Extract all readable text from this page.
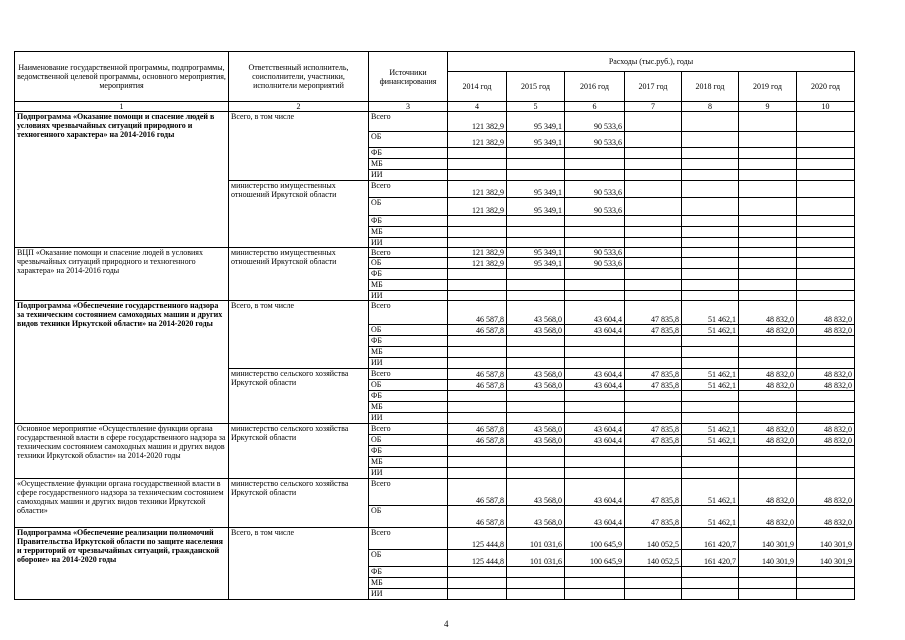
Наименование государственной программы, подпрограммы, ведомственной целевой программы, основного мероприятия, мероприятия	Ответственный исполнитель, соисполнители, участники, исполнители мероприятий	Источники финансирования	Расходы (тыс.руб.), годы						
			2014 год	2015 год	2016 год	2017 год	2018 год	2019 год	2020 год
1	2	3	4	5	6	7	8	9	10
Подпрограмма «Оказание помощи и спасение людей в условиях чрезвычайных ситуаций природного и техногенного характера» на 2014-2016 годы	Всего, в том числе	Всего	121 382,9	95 349,1	90 533,6				
		ОБ	121 382,9	95 349,1	90 533,6				
		ФБ							
		МБ							
		ИИ							
	министерство имущественных отношений Иркутской области	Всего	121 382,9	95 349,1	90 533,6				
		ОБ	121 382,9	95 349,1	90 533,6				
		ФБ							
		МБ							
		ИИ							
ВЦП «Оказание помощи и спасение людей в условиях чрезвычайных ситуаций природного и техногенного характера» на 2014-2016 годы	министерство имущественных отношений Иркутской области	Всего	121 382,9	95 349,1	90 533,6				
		ОБ	121 382,9	95 349,1	90 533,6				
		ФБ							
		МБ							
		ИИ							
Подпрограмма «Обеспечение государственного надзора за техническим состоянием самоходных машин и других видов техники Иркутской области» на 2014-2020 годы	Всего, в том числе	Всего	46 587,8	43 568,0	43 604,4	47 835,8	51 462,1	48 832,0	48 832,0
		ОБ	46 587,8	43 568,0	43 604,4	47 835,8	51 462,1	48 832,0	48 832,0
		ФБ							
		МБ							
		ИИ							
	министерство сельского хозяйства Иркутской области	Всего	46 587,8	43 568,0	43 604,4	47 835,8	51 462,1	48 832,0	48 832,0
		ОБ	46 587,8	43 568,0	43 604,4	47 835,8	51 462,1	48 832,0	48 832,0
		ФБ							
		МБ							
		ИИ							
Основное мероприятие «Осуществление функции органа государственной власти в сфере государственного надзора за техническим состоянием самоходных машин и других видов техники Иркутской области» на 2014-2020 годы	министерство сельского хозяйства Иркутской области	Всего	46 587,8	43 568,0	43 604,4	47 835,8	51 462,1	48 832,0	48 832,0
		ОБ	46 587,8	43 568,0	43 604,4	47 835,8	51 462,1	48 832,0	48 832,0
		ФБ							
		МБ							
		ИИ							
«Осуществление функции органа государственной власти в сфере государственного надзора за техническим состоянием самоходных машин и других видов техники Иркутской области»	министерство сельского хозяйства Иркутской области	Всего	46 587,8	43 568,0	43 604,4	47 835,8	51 462,1	48 832,0	48 832,0
		ОБ	46 587,8	43 568,0	43 604,4	47 835,8	51 462,1	48 832,0	48 832,0
Подпрограмма «Обеспечение реализации полномочий Правительства Иркутской области по защите населения и территорий от чрезвычайных ситуаций, гражданской обороне» на 2014-2020 годы	Всего, в том числе	Всего	125 444,8	101 031,6	100 645,9	140 052,5	161 420,7	140 301,9	140 301,9
		ОБ	125 444,8	101 031,6	100 645,9	140 052,5	161 420,7	140 301,9	140 301,9
		ФБ							
		МБ							
		ИИ							
4
